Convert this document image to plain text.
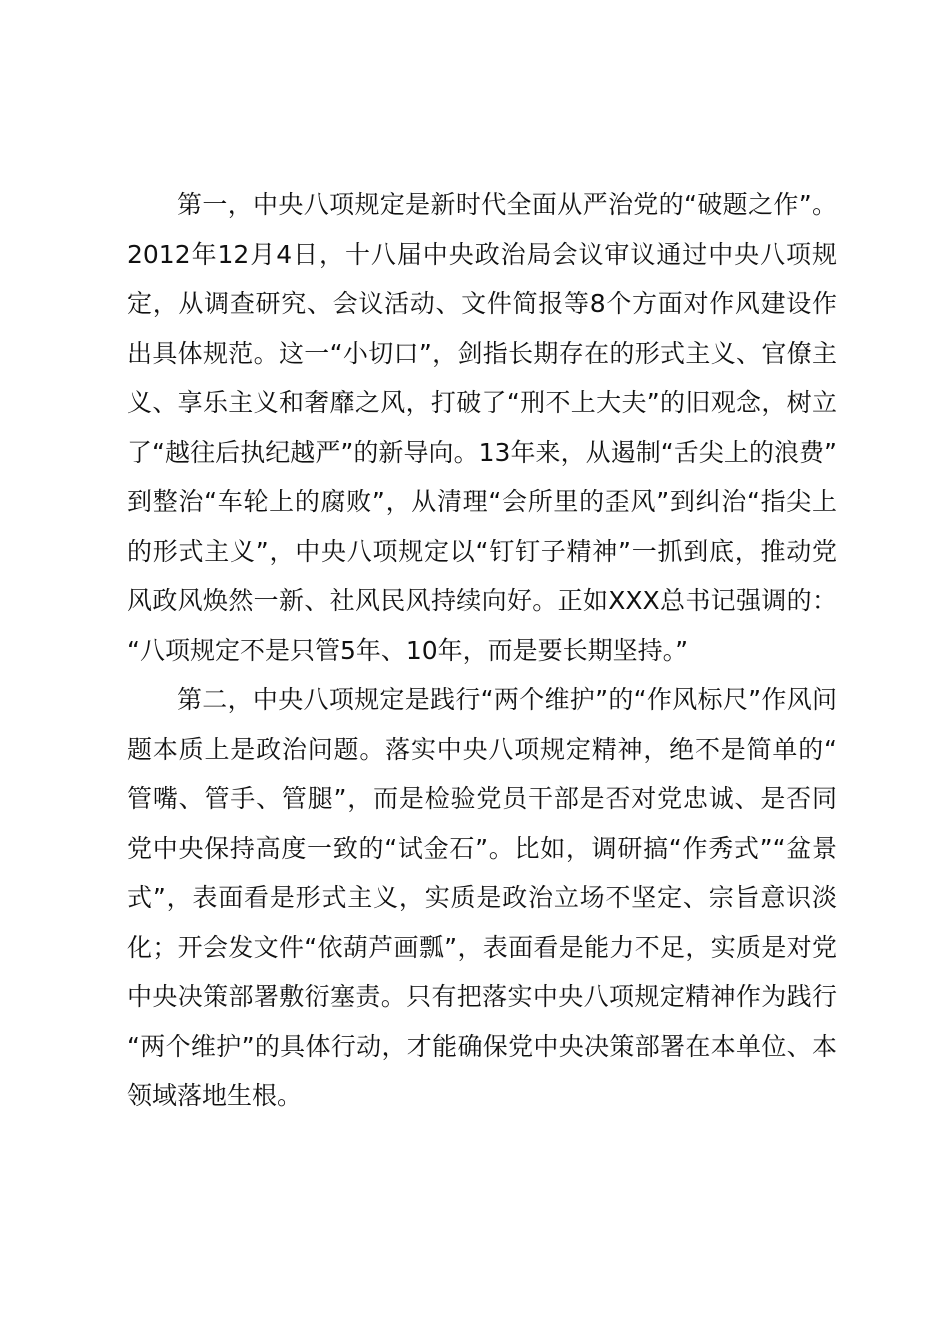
第一，中央八项规定是新时代全面从严治党的“破题之作”。2012年12月4日，十八届中央政治局会议审议通过中央八项规定，从调查研究、会议活动、文件简报等8个方面对作风建设作出具体规范。这一“小切口”，剑指长期存在的形式主义、官僚主义、享乐主义和奢靡之风，打破了“刑不上大夫”的旧观念，树立了“越往后执纪越严”的新导向。13年来，从遏制“舌尖上的浪费”到整治“车轮上的腐败”，从清理“会所里的歪风”到纠治“指尖上的形式主义”，中央八项规定以“钉钉子精神”一抓到底，推动党风政风焕然一新、社风民风持续向好。正如XXX总书记强调的：“八项规定不是只管5年、10年，而是要长期坚持。”

第二，中央八项规定是践行“两个维护”的“作风标尺”作风问题本质上是政治问题。落实中央八项规定精神，绝不是简单的“管嘴、管手、管腿”，而是检验党员干部是否对党忠诚、是否同党中央保持高度一致的“试金石”。比如，调研搞“作秀式”“盆景式”，表面看是形式主义，实质是政治立场不坚定、宗旨意识淡化；开会发文件“依葫芦画瓢”，表面看是能力不足，实质是对党中央决策部署敷衍塞责。只有把落实中央八项规定精神作为践行“两个维护”的具体行动，才能确保党中央决策部署在本单位、本领域落地生根。
